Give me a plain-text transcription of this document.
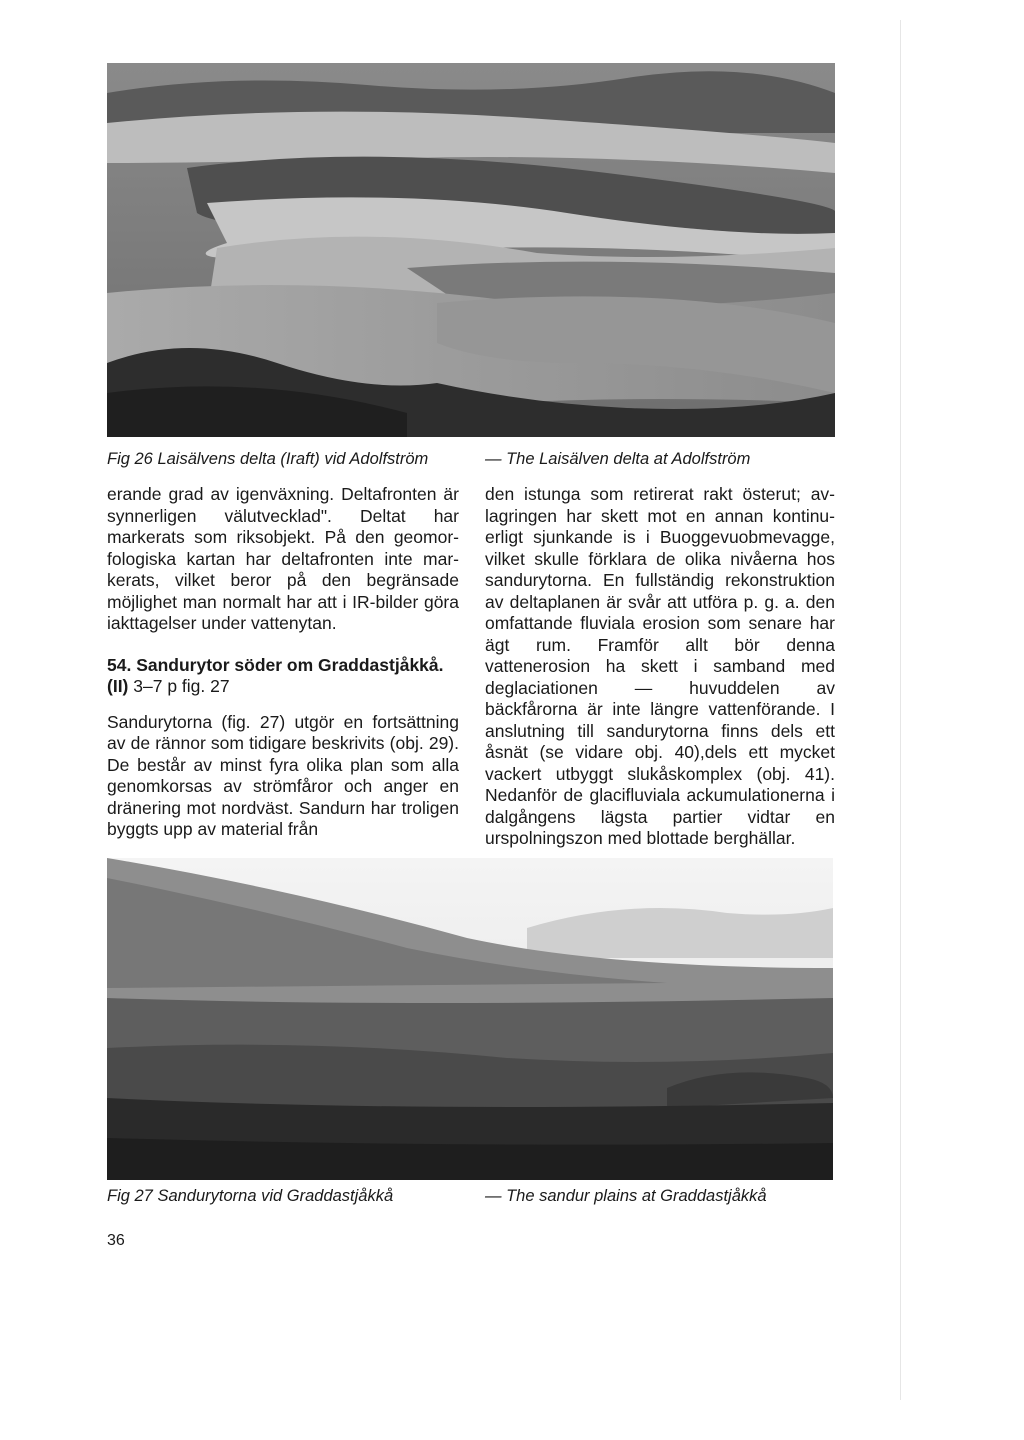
Fig 26 Laisälvens delta (Iraft) vid Adolfström	— The Laisälven delta at Adolfström

erande grad av igenväxning. Deltafronten är synnerligen välutvecklad". Deltat har markerats som riksobjekt. På den geomorfologiska kartan har deltafronten inte markerats, vilket beror på den begränsade möjlighet man normalt har att i IR-bilder göra iakttagelser under vattenytan.

54. Sandurytor söder om Graddastjåkkå.

(II) 3–7 p fig. 27

Sandurytorna (fig. 27) utgör en fortsättning av de rännor som tidigare beskrivits (obj. 29). De består av minst fyra olika plan som alla genomkorsas av strömfåror och anger en dränering mot nordväst. Sandurn har troligen byggts upp av material från

den istunga som retirerat rakt österut; avlagringen har skett mot en annan kontinuerligt sjunkande is i Buoggevuobmevagge, vilket skulle förklara de olika nivåerna hos sandurytorna. En fullständig rekonstruktion av deltaplanen är svår att utföra p. g. a. den omfattande fluviala erosion som senare har ägt rum. Framför allt bör denna vattenerosion ha skett i samband med deglaciationen — huvuddelen av bäckfårorna är inte längre vattenförande. I anslutning till sandurytorna finns dels ett åsnät (se vidare obj. 40),dels ett mycket vackert utbyggt slukåskomplex (obj. 41). Nedanför de glacifluviala ackumulationerna i dalgångens lägsta partier vidtar en urspolningszon med blottade berghällar.

Fig 27 Sandurytorna vid Graddastjåkkå	— The sandur plains at Graddastjåkkå

36
